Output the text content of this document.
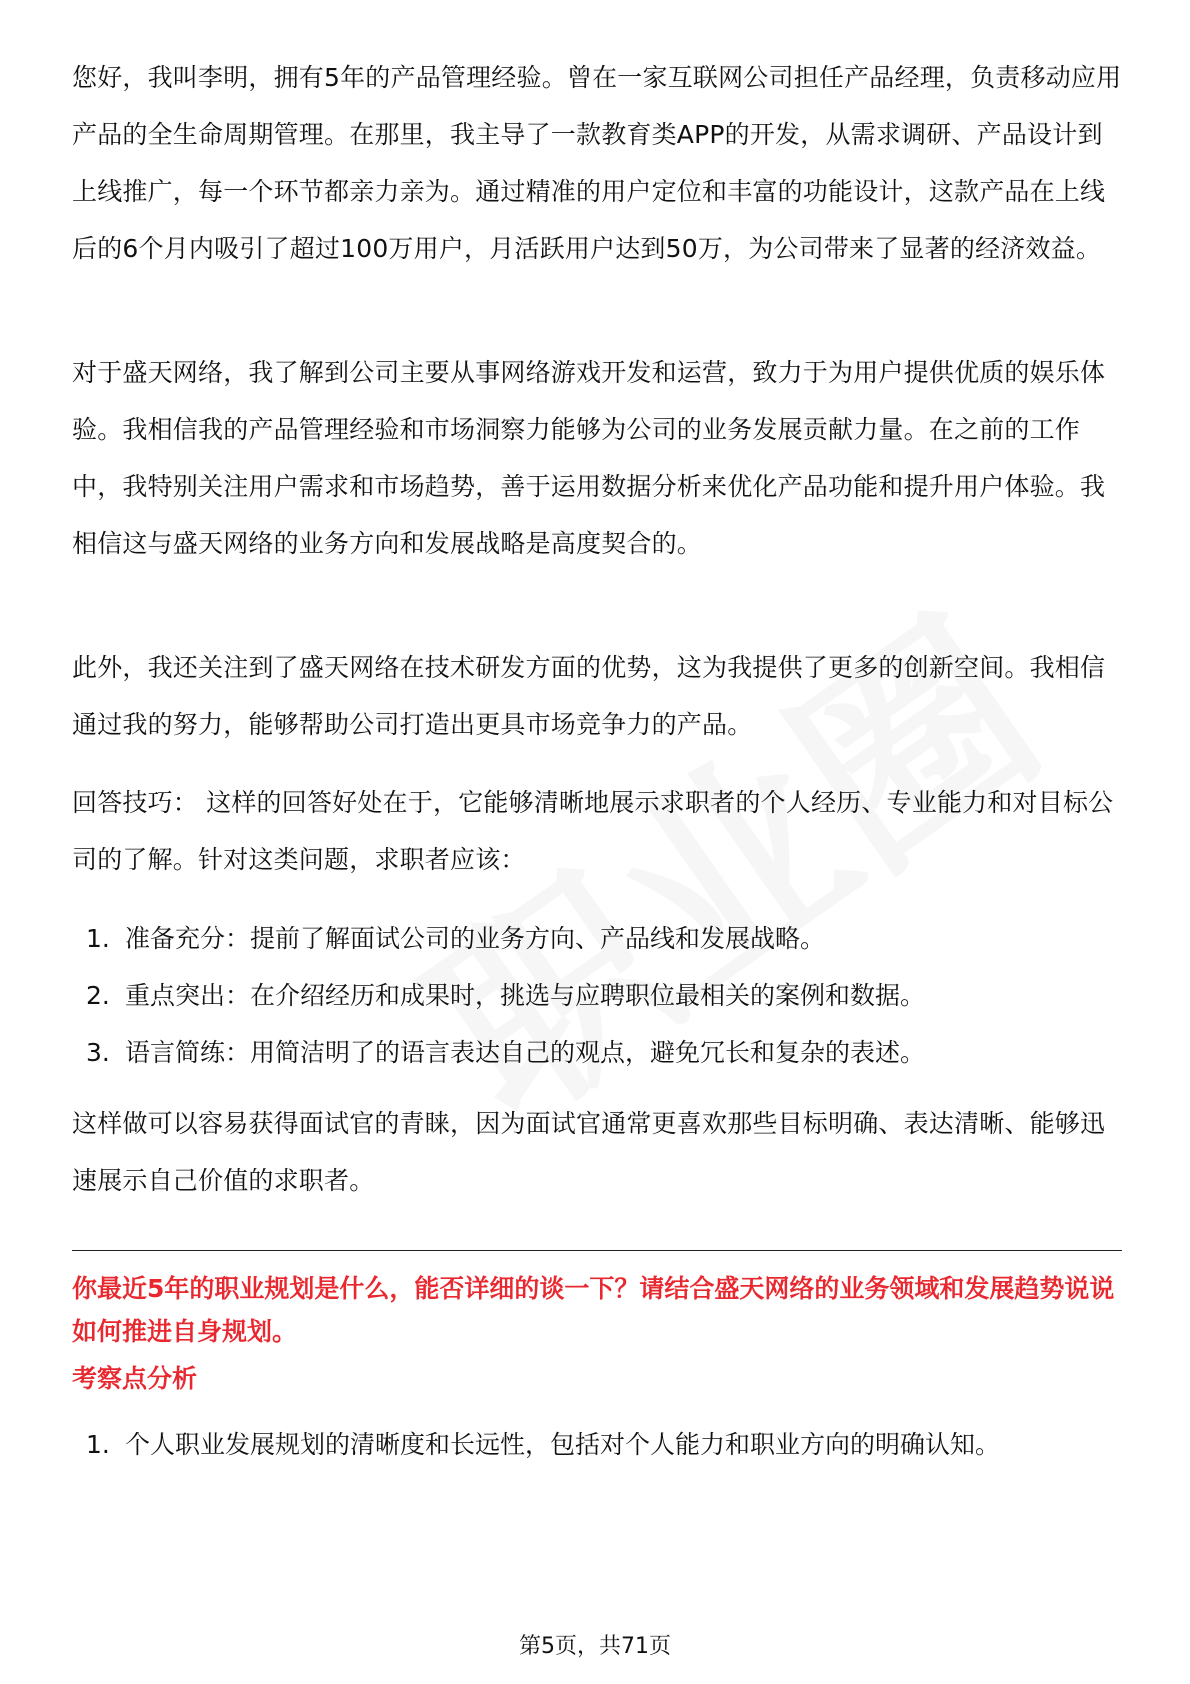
您好，我叫李明，拥有5年的产品管理经验。曾在一家互联网公司担任产品经理，负责移动应用产品的全生命周期管理。在那里，我主导了一款教育类APP的开发，从需求调研、产品设计到上线推广，每一个环节都亲力亲为。通过精准的用户定位和丰富的功能设计，这款产品在上线后的6个月内吸引了超过100万用户，月活跃用户达到50万，为公司带来了显著的经济效益。

对于盛天网络，我了解到公司主要从事网络游戏开发和运营，致力于为用户提供优质的娱乐体验。我相信我的产品管理经验和市场洞察力能够为公司的业务发展贡献力量。在之前的工作中，我特别关注用户需求和市场趋势，善于运用数据分析来优化产品功能和提升用户体验。我相信这与盛天网络的业务方向和发展战略是高度契合的。

此外，我还关注到了盛天网络在技术研发方面的优势，这为我提供了更多的创新空间。我相信通过我的努力，能够帮助公司打造出更具市场竞争力的产品。

回答技巧： 这样的回答好处在于，它能够清晰地展示求职者的个人经历、专业能力和对目标公司的了解。针对这类问题，求职者应该：

1. 准备充分：提前了解面试公司的业务方向、产品线和发展战略。
2. 重点突出：在介绍经历和成果时，挑选与应聘职位最相关的案例和数据。
3. 语言简练：用简洁明了的语言表达自己的观点，避免冗长和复杂的表述。

这样做可以容易获得面试官的青睐，因为面试官通常更喜欢那些目标明确、表达清晰、能够迅速展示自己价值的求职者。

你最近5年的职业规划是什么，能否详细的谈一下？请结合盛天网络的业务领域和发展趋势说说如何推进自身规划。

考察点分析

1. 个人职业发展规划的清晰度和长远性，包括对个人能力和职业方向的明确认知。
第5页，共71页
